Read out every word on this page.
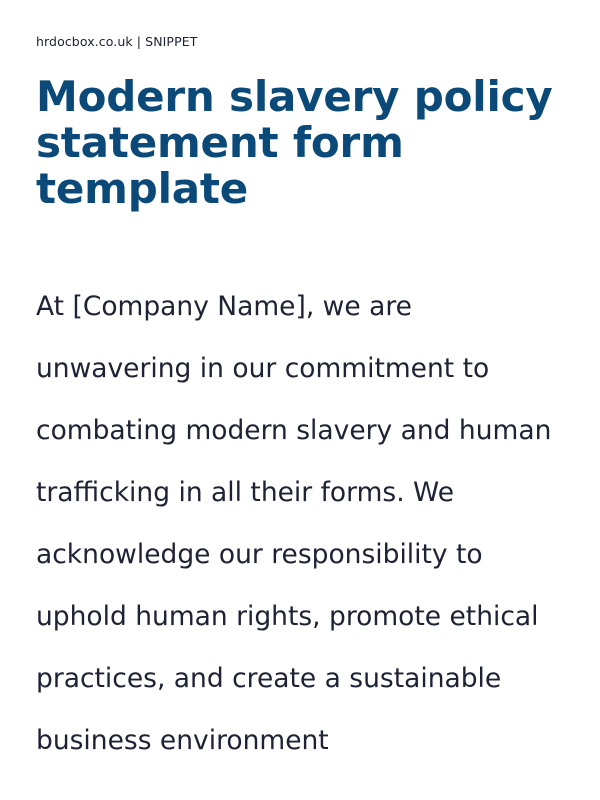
hrdocbox.co.uk | SNIPPET

Modern slavery policy statement form template

At [Company Name], we are unwavering in our commitment to combating modern slavery and human trafficking in all their forms. We acknowledge our responsibility to uphold human rights, promote ethical practices, and create a sustainable business environment
